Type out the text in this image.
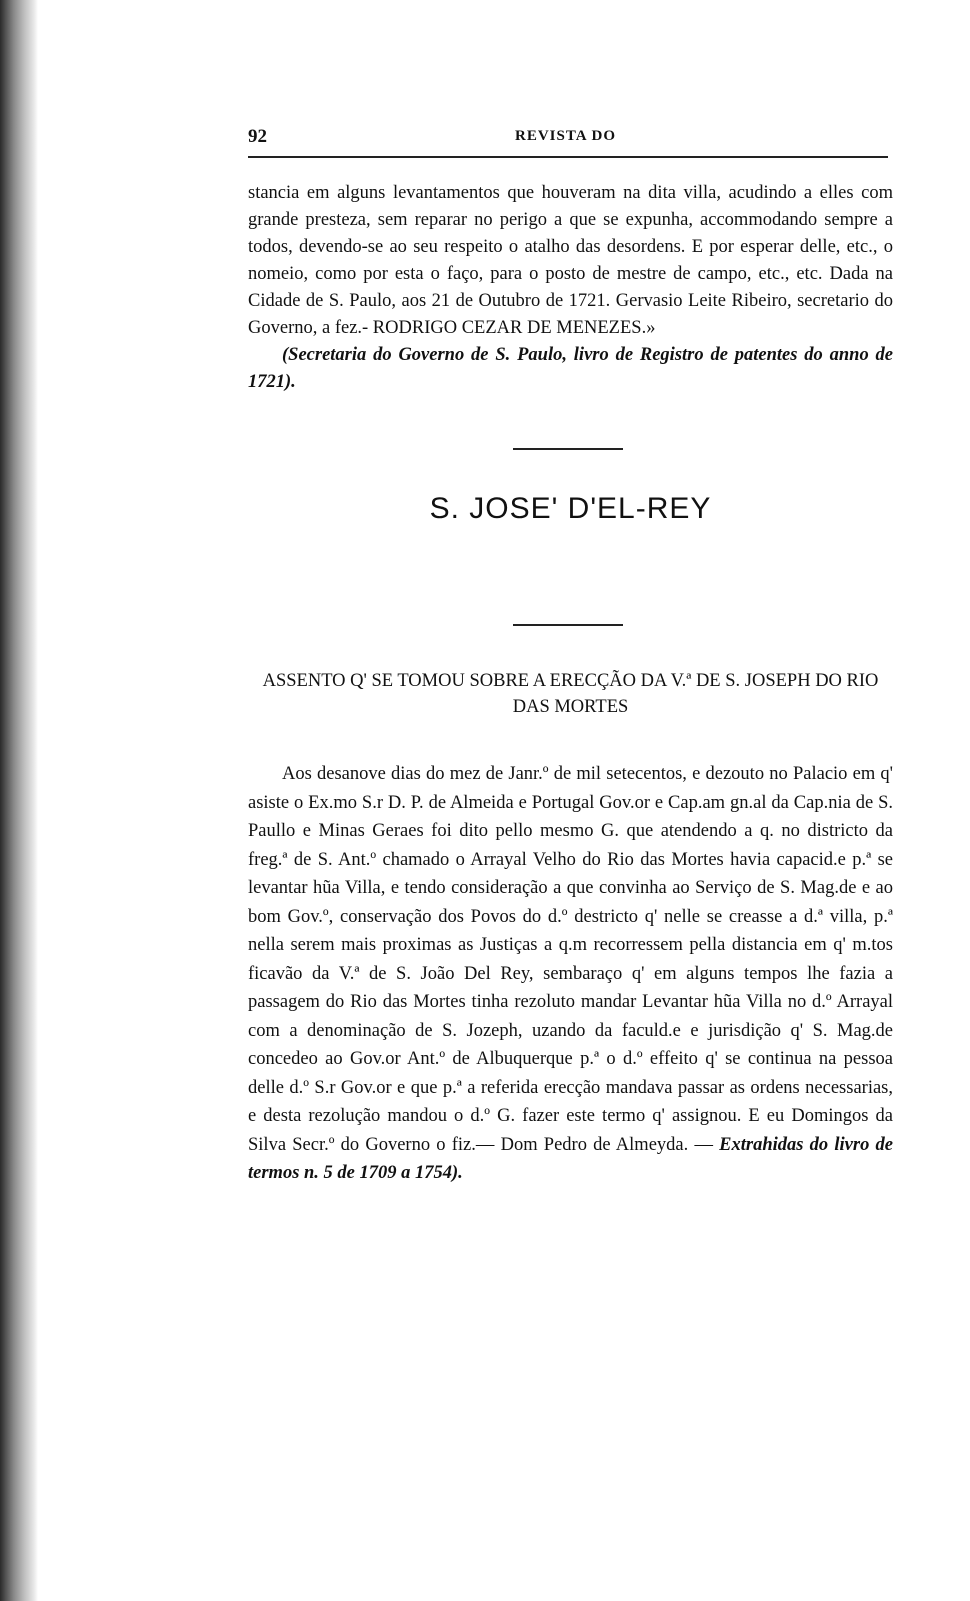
92	REVISTA DO

stancia em alguns levantamentos que houveram na dita villa, acudindo a elles com grande presteza, sem reparar no perigo a que se expunha, accommodando sempre a todos, devendo-se ao seu respeito o atalho das desordens. E por esperar delle, etc., o nomeio, como por esta o faço, para o posto de mestre de campo, etc., etc. Dada na Cidade de S. Paulo, aos 21 de Outubro de 1721. Gervasio Leite Ribeiro, secretario do Governo, a fez.- RODRIGO CEZAR DE MENEZES.»

(Secretaria do Governo de S. Paulo, livro de Registro de patentes do anno de 1721).

S. JOSE' D'EL-REY
ASSENTO Q' SE TOMOU SOBRE A ERECÇÃO DA V.ª DE S. JOSEPH DO RIO DAS MORTES

Aos desanove dias do mez de Janr.º de mil setecentos, e dezouto no Palacio em q' asiste o Ex.mo S.r D. P. de Almeida e Portugal Gov.or e Cap.am gn.al da Cap.nia de S. Paullo e Minas Geraes foi dito pello mesmo G. que atendendo a q. no districto da freg.ª de S. Ant.º chamado o Arrayal Velho do Rio das Mortes havia capacid.e p.ª se levantar hũa Villa, e tendo consideração a que convinha ao Serviço de S. Mag.de e ao bom Gov.º, conservação dos Povos do d.º destricto q' nelle se creasse a d.ª villa, p.ª nella serem mais proximas as Justiças a q.m recorressem pella distancia em q' m.tos ficavão da V.ª de S. João Del Rey, sembaraço q' em alguns tempos lhe fazia a passagem do Rio das Mortes tinha rezoluto mandar Levantar hũa Villa no d.º Arrayal com a denominação de S. Jozeph, uzando da faculd.e e jurisdição q' S. Mag.de concedeo ao Gov.or Ant.º de Albuquerque p.ª o d.º effeito q' se continua na pessoa delle d.º S.r Gov.or e que p.ª a referida erecção mandava passar as ordens necessarias, e desta rezolução mandou o d.º G. fazer este termo q' assignou. E eu Domingos da Silva Secr.º do Governo o fiz.— Dom Pedro de Almeyda. — Extrahidas do livro de termos n. 5 de 1709 a 1754).
